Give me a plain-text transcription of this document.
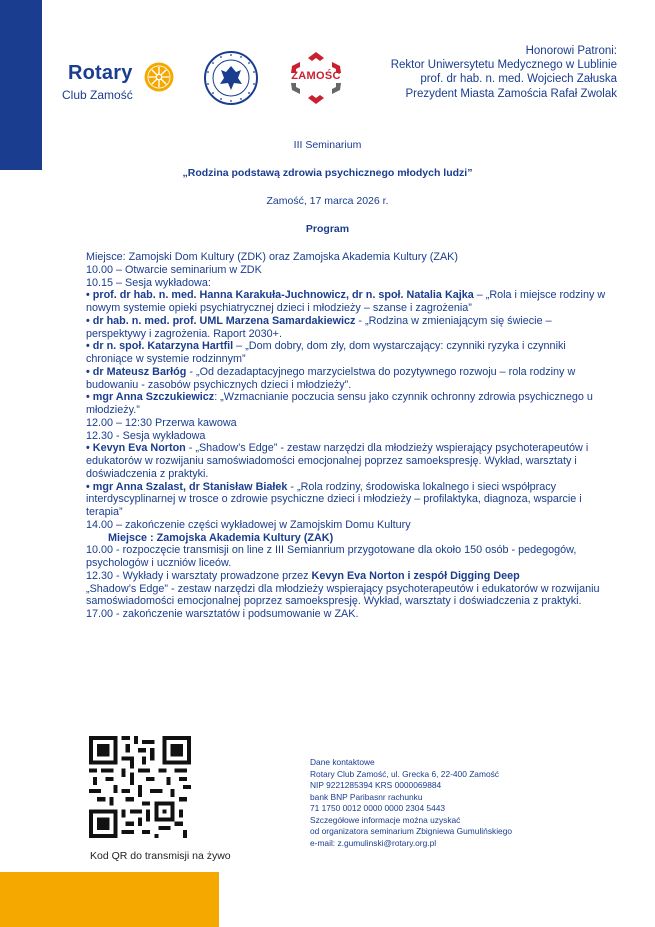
Rotary
Club Zamość
ZAMOŚĆ
Honorowi Patroni:
Rektor Uniwersytetu Medycznego w Lublinie
prof. dr hab. n. med. Wojciech Załuska
Prezydent Miasta Zamościa Rafał Zwolak
III Seminarium
„Rodzina podstawą zdrowia psychicznego młodych ludzi”
Zamość, 17 marca 2026 r.
Program

Miejsce: Zamojski Dom Kultury (ZDK) oraz Zamojska Akademia Kultury (ZAK)

10.00 – Otwarcie seminarium w ZDK

10.15 – Sesja wykładowa:

• prof. dr hab. n. med. Hanna Karakuła-Juchnowicz, dr n. społ. Natalia Kajka – „Rola i miejsce rodziny w nowym systemie opieki psychiatrycznej dzieci i młodzieży – szanse i zagrożenia”

• dr hab. n. med. prof. UML Marzena Samardakiewicz - „Rodzina w zmieniającym się świecie – perspektywy i zagrożenia. Raport 2030+.

• dr n. społ. Katarzyna Hartfil – „Dom dobry, dom zły, dom wystarczający: czynniki ryzyka i czynniki chroniące w systemie rodzinnym”

• dr Mateusz Barłóg - „Od dezadaptacyjnego marzycielstwa do pozytywnego rozwoju – rola rodziny w budowaniu - zasobów psychicznych dzieci i młodzieży”.

• mgr Anna Szczukiewicz: „Wzmacnianie poczucia sensu jako czynnik ochronny zdrowia psychicznego u młodzieży.”

12.00 – 12:30 Przerwa kawowa

12.30 - Sesja wykładowa

• Kevyn Eva Norton - „Shadow’s Edge” - zestaw narzędzi dla młodzieży wspierający psychoterapeutów i edukatorów w rozwijaniu samoświadomości emocjonalnej poprzez samoekspresję. Wykład, warsztaty i doświadczenia z praktyki.

• mgr Anna Szalast, dr Stanisław Białek - „Rola rodziny, środowiska lokalnego i sieci współpracy interdyscyplinarnej w trosce o zdrowie psychiczne dzieci i młodzieży – profilaktyka, diagnoza, wsparcie i terapia”

14.00 – zakończenie części wykładowej w Zamojskim Domu Kultury

Miejsce : Zamojska Akademia Kultury (ZAK)

10.00 - rozpoczęcie transmisji on line z III Semianrium przygotowane dla około 150 osób - pedegogów, psychologów i uczniów liceów.

12.30 - Wykłady i warsztaty prowadzone przez Kevyn Eva Norton i zespół Digging Deep

„Shadow’s Edge” - zestaw narzędzi dla młodzieży wspierający psychoterapeutów i edukatorów w rozwijaniu samoświadomości emocjonalnej poprzez samoekspresję. Wykład, warsztaty i doświadczenia z praktyki.

17.00 - zakończenie warsztatów i podsumowanie w ZAK.

Kod QR do transmisji na żywo
Dane kontaktowe
Rotary Club Zamość, ul. Grecka 6, 22-400 Zamość
NIP 9221285394 KRS 0000069884
bank BNP Paribasnr rachunku
71 1750 0012 0000 0000 2304 5443
Szczegółowe informacje można uzyskać
od organizatora seminarium Zbigniewa Gumulińskiego
e-mail: z.gumulinski@rotary.org.pl
